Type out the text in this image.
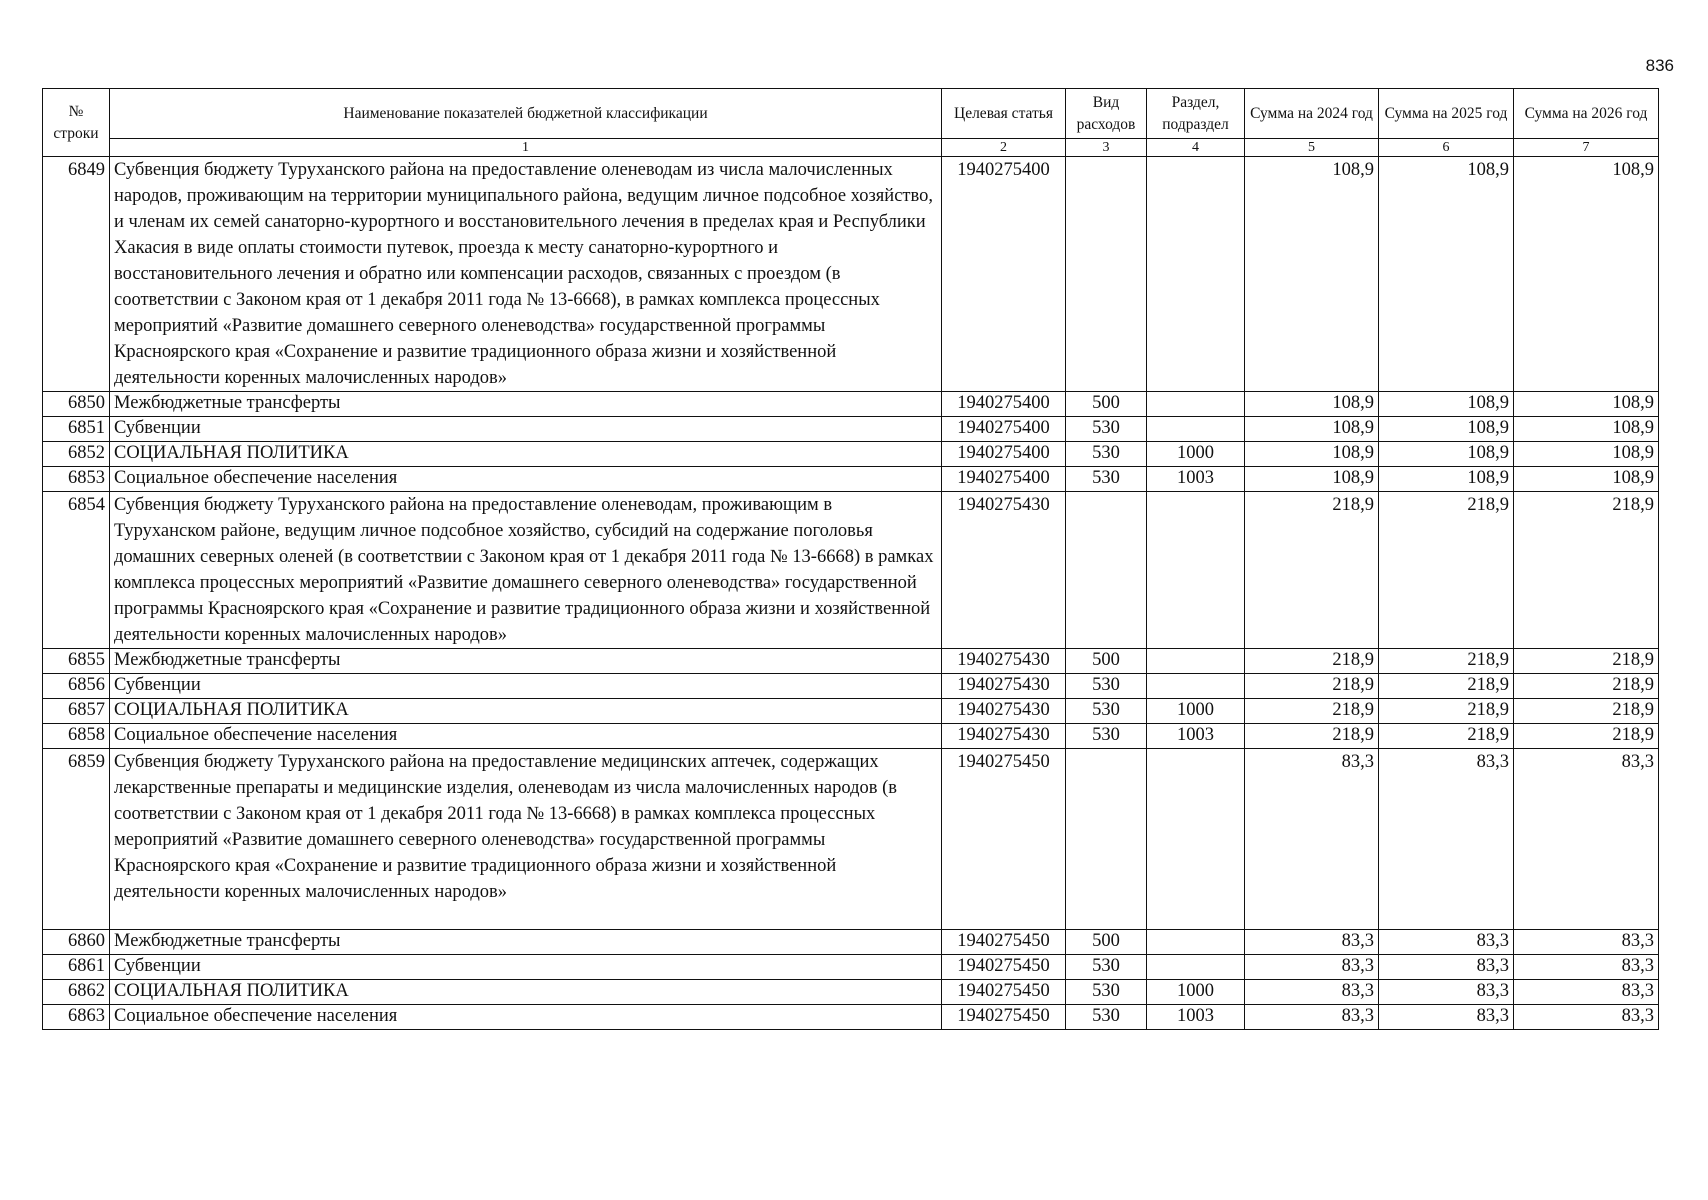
836
№ строки	Наименование показателей бюджетной классификации	Целевая статья	Вид расходов	Раздел, подраздел	Сумма на 2024 год	Сумма на 2025 год	Сумма на 2026 год
	1	2	3	4	5	6	7
6849	Субвенция бюджету Туруханского района на предоставление оленеводам из числа малочисленных народов, проживающим на территории муниципального района, ведущим личное подсобное хозяйство, и членам их семей санаторно-курортного и восстановительного лечения в пределах края и Республики Хакасия в виде оплаты стоимости путевок, проезда к месту санаторно-курортного и восстановительного лечения и обратно или компенсации расходов, связанных с проездом (в соответствии с Законом края от 1 декабря 2011 года № 13-6668), в рамках комплекса процессных мероприятий «Развитие домашнего северного оленеводства» государственной программы Красноярского края «Сохранение и развитие традиционного образа жизни и хозяйственной деятельности коренных малочисленных народов»	1940275400			108,9	108,9	108,9
6850	Межбюджетные трансферты	1940275400	500		108,9	108,9	108,9
6851	Субвенции	1940275400	530		108,9	108,9	108,9
6852	СОЦИАЛЬНАЯ ПОЛИТИКА	1940275400	530	1000	108,9	108,9	108,9
6853	Социальное обеспечение населения	1940275400	530	1003	108,9	108,9	108,9
6854	Субвенция бюджету Туруханского района на предоставление оленеводам, проживающим в Туруханском районе, ведущим личное подсобное хозяйство, субсидий на содержание поголовья домашних северных оленей (в соответствии с Законом края от 1 декабря 2011 года № 13-6668) в рамках комплекса процессных мероприятий «Развитие домашнего северного оленеводства» государственной программы Красноярского края «Сохранение и развитие традиционного образа жизни и хозяйственной деятельности коренных малочисленных народов»	1940275430			218,9	218,9	218,9
6855	Межбюджетные трансферты	1940275430	500		218,9	218,9	218,9
6856	Субвенции	1940275430	530		218,9	218,9	218,9
6857	СОЦИАЛЬНАЯ ПОЛИТИКА	1940275430	530	1000	218,9	218,9	218,9
6858	Социальное обеспечение населения	1940275430	530	1003	218,9	218,9	218,9
6859	Субвенция бюджету Туруханского района на предоставление медицинских аптечек, содержащих лекарственные препараты и медицинские изделия, оленеводам из числа малочисленных народов (в соответствии с Законом края от 1 декабря 2011 года № 13-6668) в рамках комплекса процессных мероприятий «Развитие домашнего северного оленеводства» государственной программы Красноярского края «Сохранение и развитие традиционного образа жизни и хозяйственной деятельности коренных малочисленных народов»	1940275450			83,3	83,3	83,3
6860	Межбюджетные трансферты	1940275450	500		83,3	83,3	83,3
6861	Субвенции	1940275450	530		83,3	83,3	83,3
6862	СОЦИАЛЬНАЯ ПОЛИТИКА	1940275450	530	1000	83,3	83,3	83,3
6863	Социальное обеспечение населения	1940275450	530	1003	83,3	83,3	83,3
